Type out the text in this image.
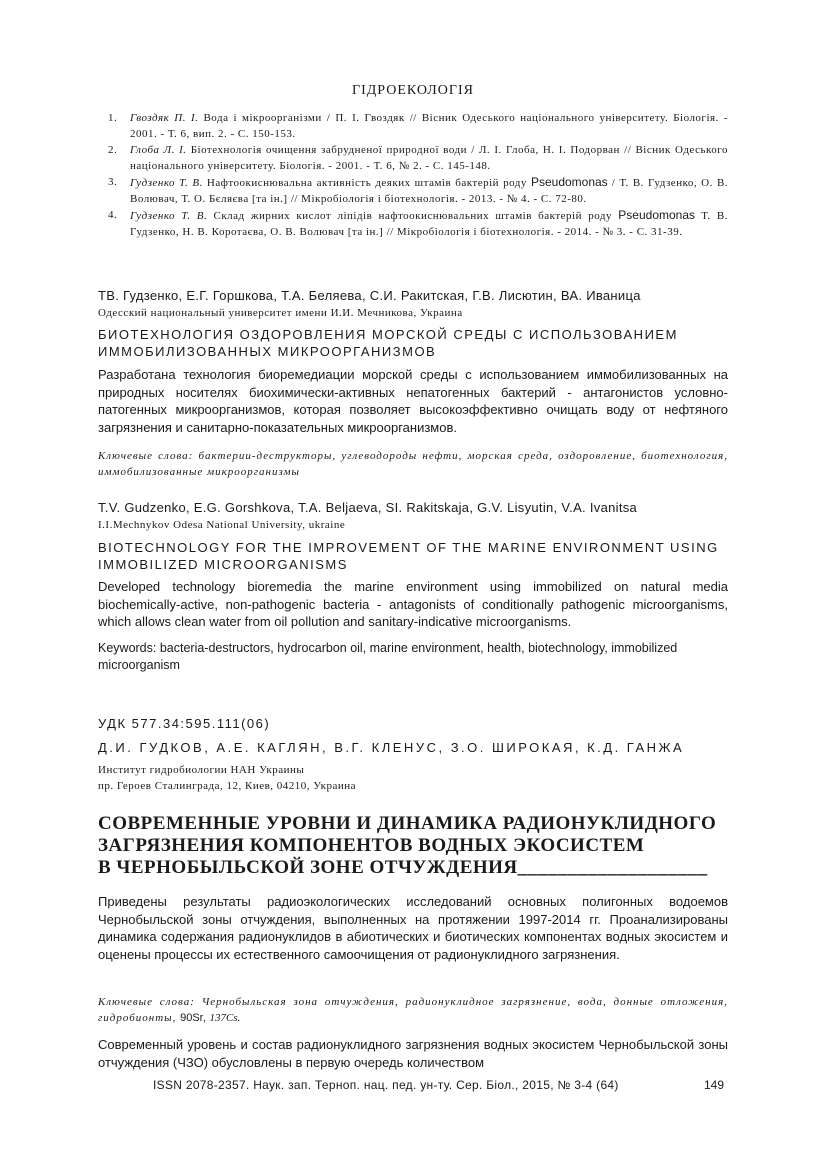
ГІДРОЕКОЛОГІЯ
1. Гвоздяк П. І. Вода і мікроорганізми / П. І. Гвоздяк // Вісник Одеського національного університету. Біологія. - 2001. - Т. 6, вип. 2. - С. 150-153.
2. Глоба Л. І. Біотехнологія очищення забрудненої природної води / Л. І. Глоба, Н. І. Подорван // Вісник Одеського національного університету. Біологія. - 2001. - Т. 6, № 2. - С. 145-148.
3. Гудзенко Т. В. Нафтоокиснювальна активність деяких штамів бактерій роду Pseudomonas / Т. В. Гудзенко, О. В. Волювач, Т. О. Бєляєва [та ін.] // Мікробіологія і біотехнологія. - 2013. - № 4. - С. 72-80.
4. Гудзенко Т. В. Склад жирних кислот ліпідів нафтоокиснювальних штамів бактерій роду Pseudomonas Т. В. Гудзенко, Н. В. Коротаєва, О. В. Волювач [та ін.] // Мікробіологія і біотехнологія. - 2014. - № 3. - С. 31-39.
ТВ. Гудзенко, Е.Г. Горшкова, Т.А. Беляева, С.И. Ракитская, Г.В. Лисютин, ВА. Иваница
Одесский национальный университет имени И.И. Мечникова, Украина
БИОТЕХНОЛОГИЯ ОЗДОРОВЛЕНИЯ МОРСКОЙ СРЕДЫ С ИСПОЛЬЗОВАНИЕМ ИММОБИЛИЗОВАННЫХ МИКРООРГАНИЗМОВ
Разработана технология биоремедиации морской среды с использованием иммобилизованных на природных носителях биохимически-активных непатогенных бактерий - антагонистов условно-патогенных микроорганизмов, которая позволяет высокоэффективно очищать воду от нефтяного загрязнения и санитарно-показательных микроорганизмов.
Ключевые слова: бактерии-деструкторы, углеводороды нефти, морская среда, оздоровление, биотехнология, иммобилизованные микроорганизмы
T.V. Gudzenko, E.G. Gorshkova, T.A. Beljaeva, SI. Rakitskaja, G.V. Lisyutin, V.A. Ivanitsa
I.I.Mechnykov Odesa National University, ukraine
BIOTECHNOLOGY FOR THE IMPROVEMENT OF THE MARINE ENVIRONMENT USING IMMOBILIZED MICROORGANISMS
Developed technology bioremedia the marine environment using immobilized on natural media biochemically-active, non-pathogenic bacteria - antagonists of conditionally pathogenic microorganisms, which allows clean water from oil pollution and sanitary-indicative microorganisms.
Keywords: bacteria-destructors, hydrocarbon oil, marine environment, health, biotechnology, immobilized microorganism
УДК 577.34:595.111(06)
Д.И. ГУДКОВ, А.Е. КАГЛЯН, В.Г. КЛЕНУС, З.О. ШИРОКАЯ, К.Д. ГАНЖА
Институт гидробиологии НАН Украины
пр. Героев Сталинграда, 12, Киев, 04210, Украина
СОВРЕМЕННЫЕ УРОВНИ И ДИНАМИКА РАДИОНУКЛИДНОГО
ЗАГРЯЗНЕНИЯ КОМПОНЕНТОВ ВОДНЫХ ЭКОСИСТЕМ
В ЧЕРНОБЫЛЬСКОЙ ЗОНЕ ОТЧУЖДЕНИЯ___________________
Приведены результаты радиоэкологических исследований основных полигонных водоемов Чернобыльской зоны отчуждения, выполненных на протяжении 1997-2014 гг. Проанализированы динамика содержания радионуклидов в абиотических и биотических компонентах водных экосистем и оценены процессы их естественного самоочищения от радионуклидного загрязнения.
Ключевые слова: Чернобыльская зона отчуждения, радионуклидное загрязнение, вода, донные отложения, гидробионты, 90Sr, 137Cs.
Современный уровень и состав радионуклидного загрязнения водных экосистем Чернобыльской зоны отчуждения (ЧЗО) обусловлены в первую очередь количеством
ISSN 2078-2357. Наук. зап. Терноп. нац. пед. ун-ту. Сер. Біол., 2015, № 3-4 (64)	149
